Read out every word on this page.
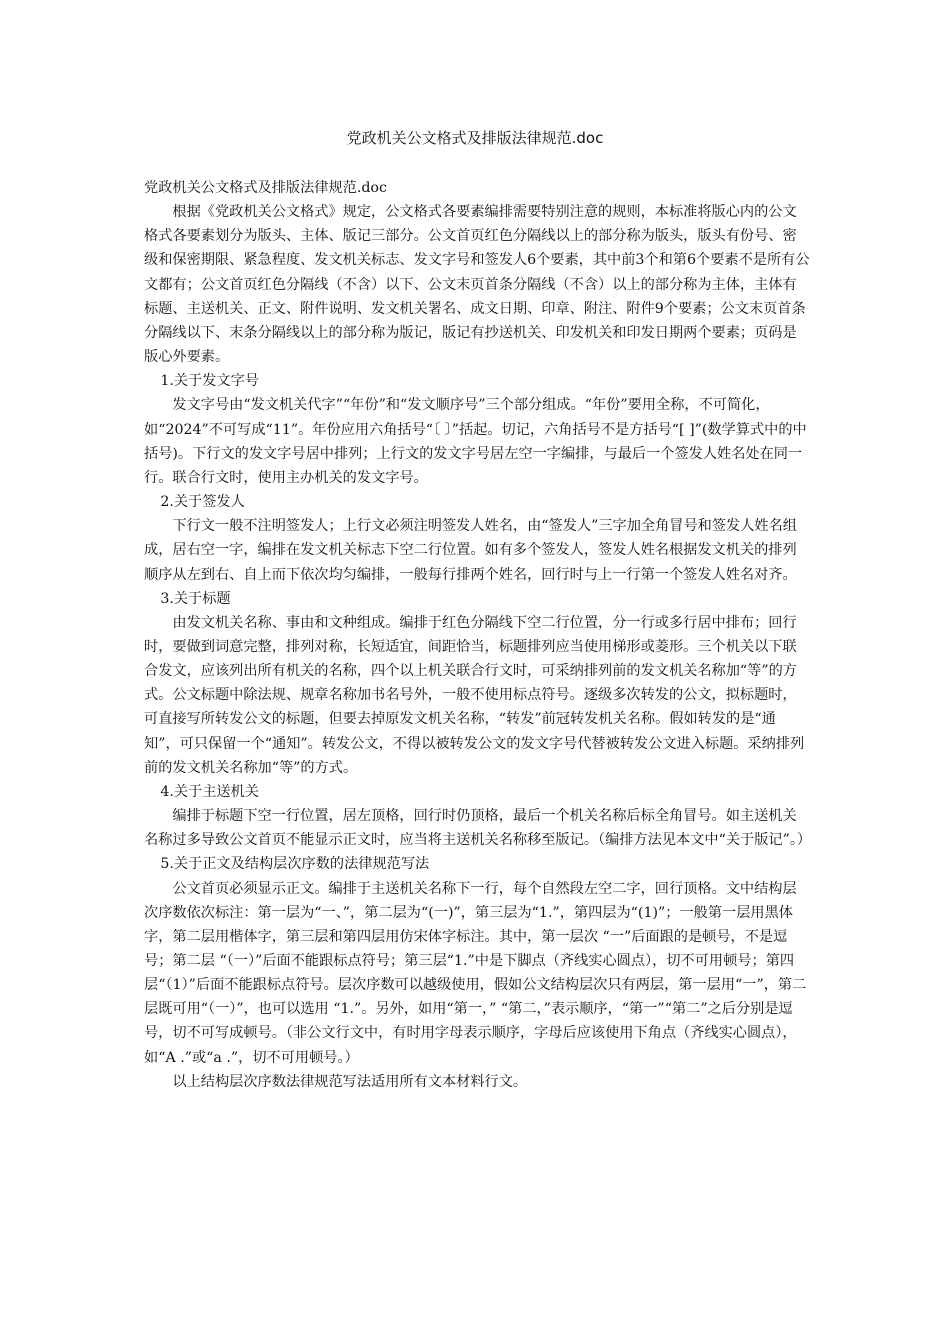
党政机关公文格式及排版法律规范.doc

党政机关公文格式及排版法律规范.doc

根据《党政机关公文格式》规定，公文格式各要素编排需要特别注意的规则，本标准将版心内的公文格式各要素划分为版头、主体、版记三部分。公文首页红色分隔线以上的部分称为版头，版头有份号、密级和保密期限、紧急程度、发文机关标志、发文字号和签发人6个要素，其中前3个和第6个要素不是所有公文都有；公文首页红色分隔线（不含）以下、公文末页首条分隔线（不含）以上的部分称为主体，主体有标题、主送机关、正文、附件说明、发文机关署名、成文日期、印章、附注、附件9个要素；公文末页首条分隔线以下、末条分隔线以上的部分称为版记，版记有抄送机关、印发机关和印发日期两个要素；页码是版心外要素。

1.关于发文字号

发文字号由“发文机关代字”“年份”和“发文顺序号”三个部分组成。“年份”要用全称，不可简化，如“2024”不可写成“11”。年份应用六角括号“〔 〕”括起。切记，六角括号不是方括号“[ ]”(数学算式中的中括号)。下行文的发文字号居中排列；上行文的发文字号居左空一字编排，与最后一个签发人姓名处在同一行。联合行文时，使用主办机关的发文字号。

2.关于签发人

下行文一般不注明签发人；上行文必须注明签发人姓名，由“签发人”三字加全角冒号和签发人姓名组成，居右空一字，编排在发文机关标志下空二行位置。如有多个签发人，签发人姓名根据发文机关的排列顺序从左到右、自上而下依次均匀编排，一般每行排两个姓名，回行时与上一行第一个签发人姓名对齐。

3.关于标题

由发文机关名称、事由和文种组成。编排于红色分隔线下空二行位置，分一行或多行居中排布；回行时，要做到词意完整，排列对称，长短适宜，间距恰当，标题排列应当使用梯形或菱形。三个机关以下联合发文，应该列出所有机关的名称，四个以上机关联合行文时，可采纳排列前的发文机关名称加“等”的方式。公文标题中除法规、规章名称加书名号外，一般不使用标点符号。逐级多次转发的公文，拟标题时，可直接写所转发公文的标题，但要去掉原发文机关名称，“转发”前冠转发机关名称。假如转发的是“通知”，可只保留一个“通知”。转发公文，不得以被转发公文的发文字号代替被转发公文进入标题。采纳排列前的发文机关名称加“等”的方式。

4.关于主送机关

编排于标题下空一行位置，居左顶格，回行时仍顶格，最后一个机关名称后标全角冒号。如主送机关名称过多导致公文首页不能显示正文时，应当将主送机关名称移至版记。（编排方法见本文中“关于版记”。）

5.关于正文及结构层次序数的法律规范写法

公文首页必须显示正文。编排于主送机关名称下一行，每个自然段左空二字，回行顶格。文中结构层次序数依次标注：第一层为“一、”，第二层为“(一)”，第三层为“1.”，第四层为“(1)”；一般第一层用黑体字，第二层用楷体字，第三层和第四层用仿宋体字标注。其中，第一层次 “一”后面跟的是顿号，不是逗号；第二层 “（一）”后面不能跟标点符号；第三层“1.”中是下脚点（齐线实心圆点），切不可用顿号；第四层“（1）”后面不能跟标点符号。层次序数可以越级使用，假如公文结构层次只有两层，第一层用“一”，第二层既可用“（一）”，也可以选用 “1.”。另外，如用“第一，” “第二，”表示顺序，“第一”“第二”之后分别是逗号，切不可写成顿号。（非公文行文中，有时用字母表示顺序，字母后应该使用下角点（齐线实心圆点），如“A .”或“a .”，切不可用顿号。）

以上结构层次序数法律规范写法适用所有文本材料行文。
